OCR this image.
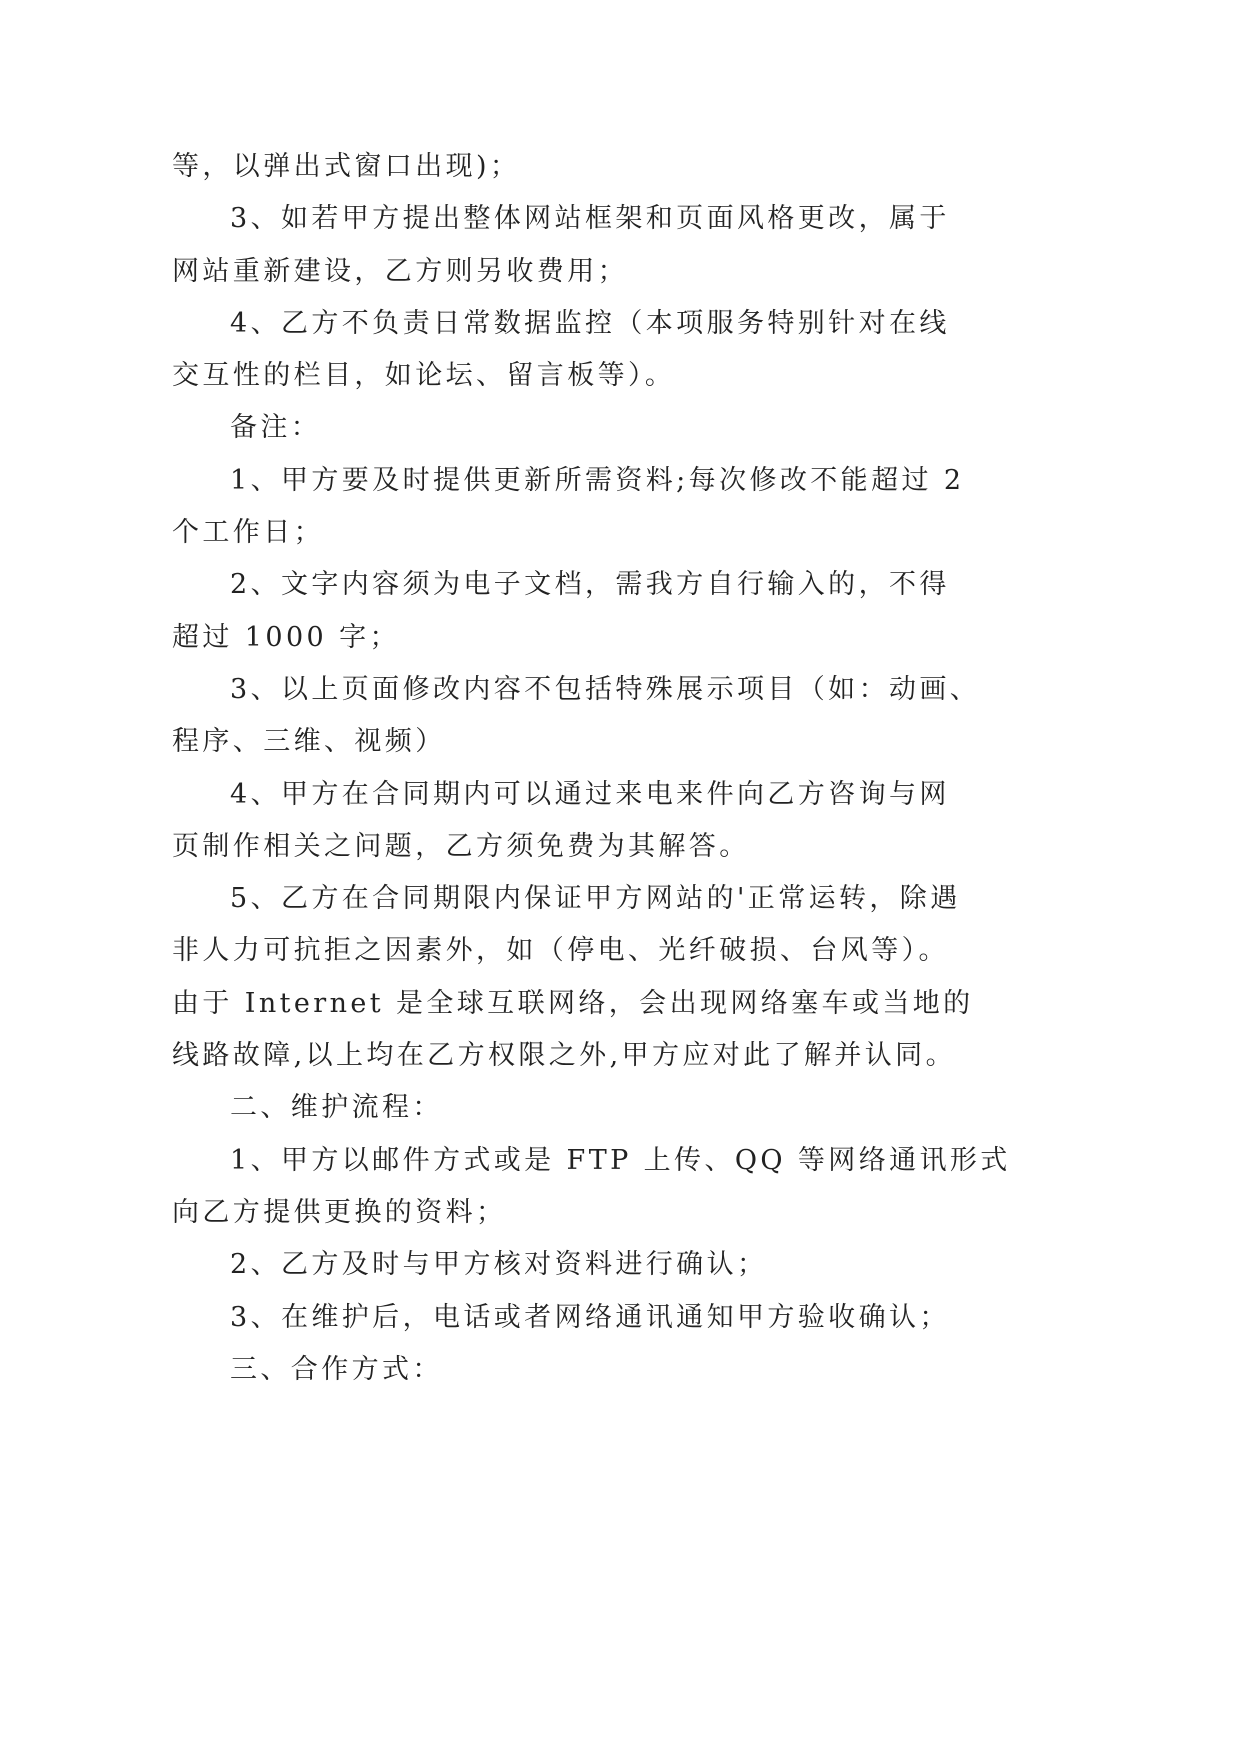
等，以弹出式窗口出现)；
3、如若甲方提出整体网站框架和页面风格更改，属于
网站重新建设，乙方则另收费用；
4、乙方不负责日常数据监控（本项服务特别针对在线
交互性的栏目，如论坛、留言板等）。
备注：
1、甲方要及时提供更新所需资料;每次修改不能超过 2
个工作日；
2、文字内容须为电子文档，需我方自行输入的，不得
超过 1000 字；
3、以上页面修改内容不包括特殊展示项目（如：动画、
程序、三维、视频）
4、甲方在合同期内可以通过来电来件向乙方咨询与网
页制作相关之问题，乙方须免费为其解答。
5、乙方在合同期限内保证甲方网站的'正常运转，除遇
非人力可抗拒之因素外，如（停电、光纤破损、台风等）。
由于 Internet 是全球互联网络，会出现网络塞车或当地的
线路故障,以上均在乙方权限之外,甲方应对此了解并认同。
二、维护流程：
1、甲方以邮件方式或是 FTP 上传、QQ 等网络通讯形式
向乙方提供更换的资料；
2、乙方及时与甲方核对资料进行确认；
3、在维护后，电话或者网络通讯通知甲方验收确认；
三、合作方式：
